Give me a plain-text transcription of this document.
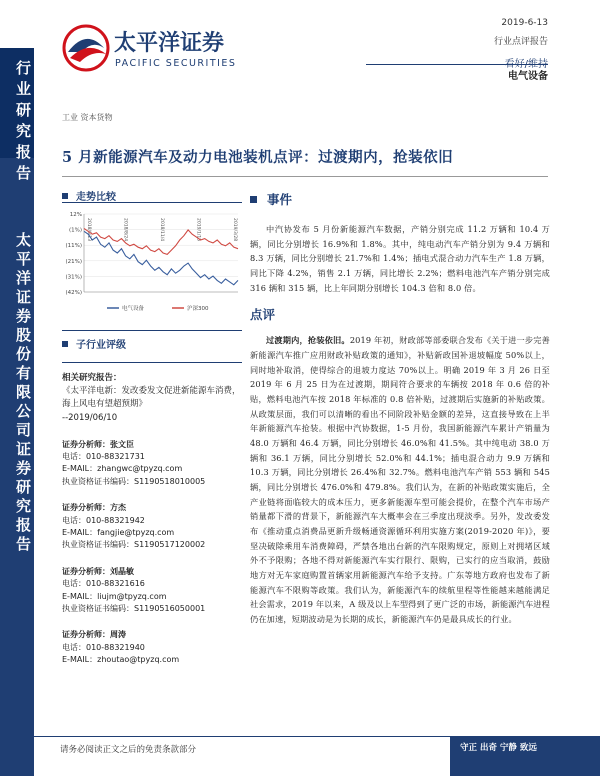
行业研究报告
太平洋证券股份有限公司证券研究报告
太平洋证券
PACIFIC SECURITIES
2019-6-13
行业点评报告
看好/维持
电气设备
工业 资本货物
5 月新能源汽车及动力电池装机点评：过渡期内，抢装依旧
走势比较
12%
(1%)
(11%)
(21%)
(31%)
(42%)
2018/6/13	2018/8/24	2018/11/4	2019/1/15	2019/3/28
电气设备	沪深300
子行业评级
相关研究报告：
《太平洋电新：发改委发文促进新能源车消费，海上风电有望超预期》
--2019/06/10
证券分析师：张文臣
电话：010-88321731
E-MAIL：zhangwc@tpyzq.com
执业资格证书编码：S1190518010005
证券分析师：方杰
电话：010-88321942
E-MAIL：fangjie@tpyzq.com
执业资格证书编码：S1190517120002
证券分析师：刘晶敏
电话：010-88321616
E-MAIL：liujm@tpyzq.com
执业资格证书编码：S1190516050001
证券分析师：周涛
电话：010-88321940
E-MAIL：zhoutao@tpyzq.com
事件
中汽协发布 5 月份新能源汽车数据，产销分别完成 11.2 万辆和 10.4 万辆，同比分别增长 16.9%和 1.8%。其中，纯电动汽车产销分别为 9.4 万辆和 8.3 万辆，同比分别增长 21.7%和 1.4%；插电式混合动力汽车生产 1.8 万辆，同比下降 4.2%，销售 2.1 万辆，同比增长 2.2%；燃料电池汽车产销分别完成 316 辆和 315 辆，比上年同期分别增长 104.3 倍和 8.0 倍。
点评
过渡期内，抢装依旧。2019 年初，财政部等部委联合发布《关于进一步完善新能源汽车推广应用财政补贴政策的通知》，补贴新政国补退坡幅度 50%以上，同时地补取消，使得综合的退坡力度达 70%以上。明确 2019 年 3 月 26 日至 2019 年 6 月 25 日为在过渡期，期间符合要求的车辆按 2018 年 0.6 倍的补贴，燃料电池汽车按 2018 年标准的 0.8 倍补贴，过渡期后实施新的补贴政策。从政策层面，我们可以清晰的看出不同阶段补贴金额的差异，这直接导致在上半年新能源汽车抢装。根据中汽协数据，1-5 月份，我国新能源汽车累计产销量为 48.0 万辆和 46.4 万辆，同比分别增长 46.0%和 41.5%。其中纯电动 38.0 万辆和 36.1 万辆，同比分别增长 52.0%和 44.1%；插电混合动力 9.9 万辆和 10.3 万辆，同比分别增长 26.4%和 32.7%。燃料电池汽车产销 553 辆和 545 辆，同比分别增长 476.0%和 479.8%。我们认为，在新的补贴政策实施后，全产业链将面临较大的成本压力，更多新能源车型可能会提价，在整个汽车市场产销量都下滑的背景下，新能源汽车大概率会在三季度出现淡季。另外，发改委发布《推动重点消费品更新升级畅通资源循环利用实施方案(2019-2020 年)》，要坚决破除乘用车消费障碍，严禁各地出台新的汽车限购规定，原则上对拥堵区域外不予限购；各地不得对新能源汽车实行限行、限购，已实行的应当取消，鼓励地方对无车家庭购置首辆家用新能源汽车给予支持。广东等地方政府也发布了新能源汽车不限购等政策。我们认为，新能源汽车的续航里程等性能越来越能满足社会需求，2019 年以来，A 级及以上车型得到了更广泛的市场，新能源汽车进程仍在加速，短期波动是为长期的成长，新能源汽车仍是最具成长的行业。
请务必阅读正文之后的免责条款部分	守正 出奇 宁静 致远
